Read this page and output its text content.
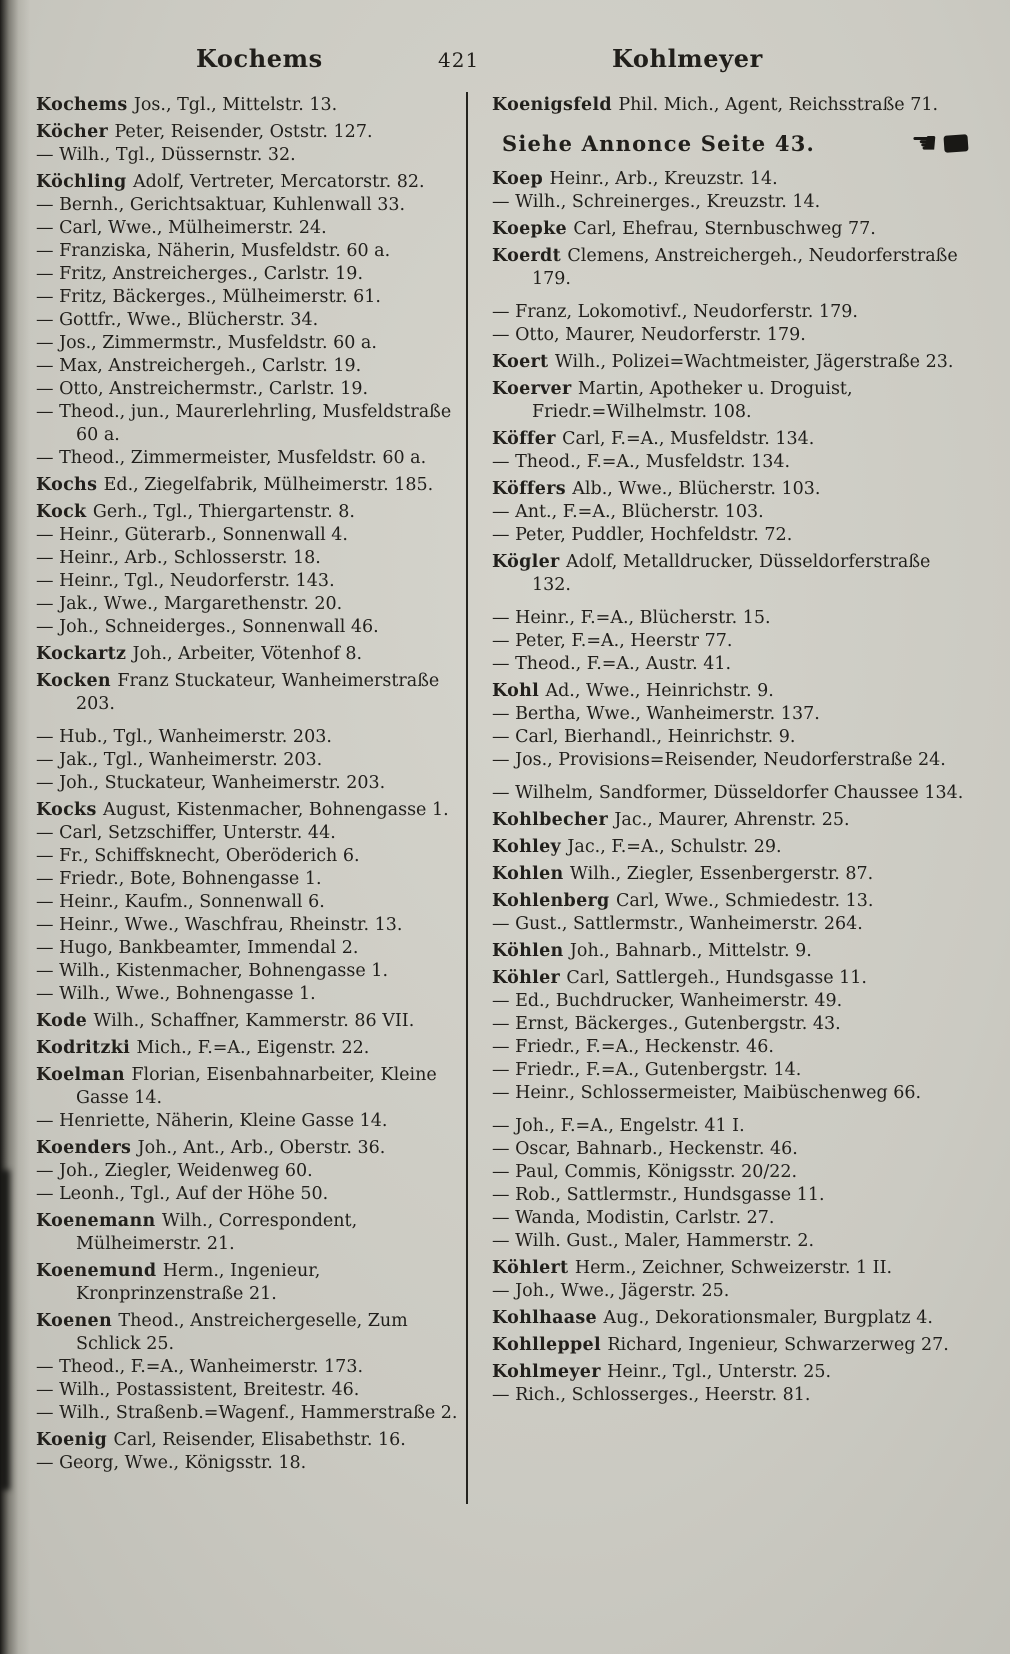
Kochems	421	Kohlmeyer

Kochems Jos., Tgl., Mittelstr. 13.

Köcher Peter, Reisender, Oststr. 127.

— Wilh., Tgl., Düssernstr. 32.

Köchling Adolf, Vertreter, Mercatorstr. 82.

— Bernh., Gerichtsaktuar, Kuhlenwall 33.

— Carl, Wwe., Mülheimerstr. 24.

— Franziska, Näherin, Musfeldstr. 60 a.

— Fritz, Anstreicherges., Carlstr. 19.

— Fritz, Bäckerges., Mülheimerstr. 61.

— Gottfr., Wwe., Blücherstr. 34.

— Jos., Zimmermstr., Musfeldstr. 60 a.

— Max, Anstreichergeh., Carlstr. 19.

— Otto, Anstreichermstr., Carlstr. 19.

— Theod., jun., Maurerlehrling, Musfeldstraße 60 a.

— Theod., Zimmermeister, Musfeldstr. 60 a.

Kochs Ed., Ziegelfabrik, Mülheimerstr. 185.

Kock Gerh., Tgl., Thiergartenstr. 8.

— Heinr., Güterarb., Sonnenwall 4.

— Heinr., Arb., Schlosserstr. 18.

— Heinr., Tgl., Neudorferstr. 143.

— Jak., Wwe., Margarethenstr. 20.

— Joh., Schneiderges., Sonnenwall 46.

Kockartz Joh., Arbeiter, Vötenhof 8.

Kocken Franz Stuckateur, Wanheimerstraße 203.

— Hub., Tgl., Wanheimerstr. 203.

— Jak., Tgl., Wanheimerstr. 203.

— Joh., Stuckateur, Wanheimerstr. 203.

Kocks August, Kistenmacher, Bohnengasse 1.

— Carl, Setzschiffer, Unterstr. 44.

— Fr., Schiffsknecht, Oberöderich 6.

— Friedr., Bote, Bohnengasse 1.

— Heinr., Kaufm., Sonnenwall 6.

— Heinr., Wwe., Waschfrau, Rheinstr. 13.

— Hugo, Bankbeamter, Immendal 2.

— Wilh., Kistenmacher, Bohnengasse 1.

— Wilh., Wwe., Bohnengasse 1.

Kode Wilh., Schaffner, Kammerstr. 86 VII.

Kodritzki Mich., F.=A., Eigenstr. 22.

Koelman Florian, Eisenbahnarbeiter, Kleine Gasse 14.

— Henriette, Näherin, Kleine Gasse 14.

Koenders Joh., Ant., Arb., Oberstr. 36.

— Joh., Ziegler, Weidenweg 60.

— Leonh., Tgl., Auf der Höhe 50.

Koenemann Wilh., Correspondent, Mülheimerstr. 21.

Koenemund Herm., Ingenieur, Kronprinzenstraße 21.

Koenen Theod., Anstreichergeselle, Zum Schlick 25.

— Theod., F.=A., Wanheimerstr. 173.

— Wilh., Postassistent, Breitestr. 46.

— Wilh., Straßenb.=Wagenf., Hammerstraße 2.

Koenig Carl, Reisender, Elisabethstr. 16.

— Georg, Wwe., Königsstr. 18.

Koenigsfeld Phil. Mich., Agent, Reichsstraße 71.

Siehe Annonce Seite 43.	☚

Koep Heinr., Arb., Kreuzstr. 14.

— Wilh., Schreinerges., Kreuzstr. 14.

Koepke Carl, Ehefrau, Sternbuschweg 77.

Koerdt Clemens, Anstreichergeh., Neudorferstraße 179.

— Franz, Lokomotivf., Neudorferstr. 179.

— Otto, Maurer, Neudorferstr. 179.

Koert Wilh., Polizei=Wachtmeister, Jägerstraße 23.

Koerver Martin, Apotheker u. Droguist, Friedr.=Wilhelmstr. 108.

Köffer Carl, F.=A., Musfeldstr. 134.

— Theod., F.=A., Musfeldstr. 134.

Köffers Alb., Wwe., Blücherstr. 103.

— Ant., F.=A., Blücherstr. 103.

— Peter, Puddler, Hochfeldstr. 72.

Kögler Adolf, Metalldrucker, Düsseldorferstraße 132.

— Heinr., F.=A., Blücherstr. 15.

— Peter, F.=A., Heerstr 77.

— Theod., F.=A., Austr. 41.

Kohl Ad., Wwe., Heinrichstr. 9.

— Bertha, Wwe., Wanheimerstr. 137.

— Carl, Bierhandl., Heinrichstr. 9.

— Jos., Provisions=Reisender, Neudorferstraße 24.

— Wilhelm, Sandformer, Düsseldorfer Chaussee 134.

Kohlbecher Jac., Maurer, Ahrenstr. 25.

Kohley Jac., F.=A., Schulstr. 29.

Kohlen Wilh., Ziegler, Essenbergerstr. 87.

Kohlenberg Carl, Wwe., Schmiedestr. 13.

— Gust., Sattlermstr., Wanheimerstr. 264.

Köhlen Joh., Bahnarb., Mittelstr. 9.

Köhler Carl, Sattlergeh., Hundsgasse 11.

— Ed., Buchdrucker, Wanheimerstr. 49.

— Ernst, Bäckerges., Gutenbergstr. 43.

— Friedr., F.=A., Heckenstr. 46.

— Friedr., F.=A., Gutenbergstr. 14.

— Heinr., Schlossermeister, Maibüschenweg 66.

— Joh., F.=A., Engelstr. 41 I.

— Oscar, Bahnarb., Heckenstr. 46.

— Paul, Commis, Königsstr. 20/22.

— Rob., Sattlermstr., Hundsgasse 11.

— Wanda, Modistin, Carlstr. 27.

— Wilh. Gust., Maler, Hammerstr. 2.

Köhlert Herm., Zeichner, Schweizerstr. 1 II.

— Joh., Wwe., Jägerstr. 25.

Kohlhaase Aug., Dekorationsmaler, Burgplatz 4.

Kohlleppel Richard, Ingenieur, Schwarzerweg 27.

Kohlmeyer Heinr., Tgl., Unterstr. 25.

— Rich., Schlosserges., Heerstr. 81.
